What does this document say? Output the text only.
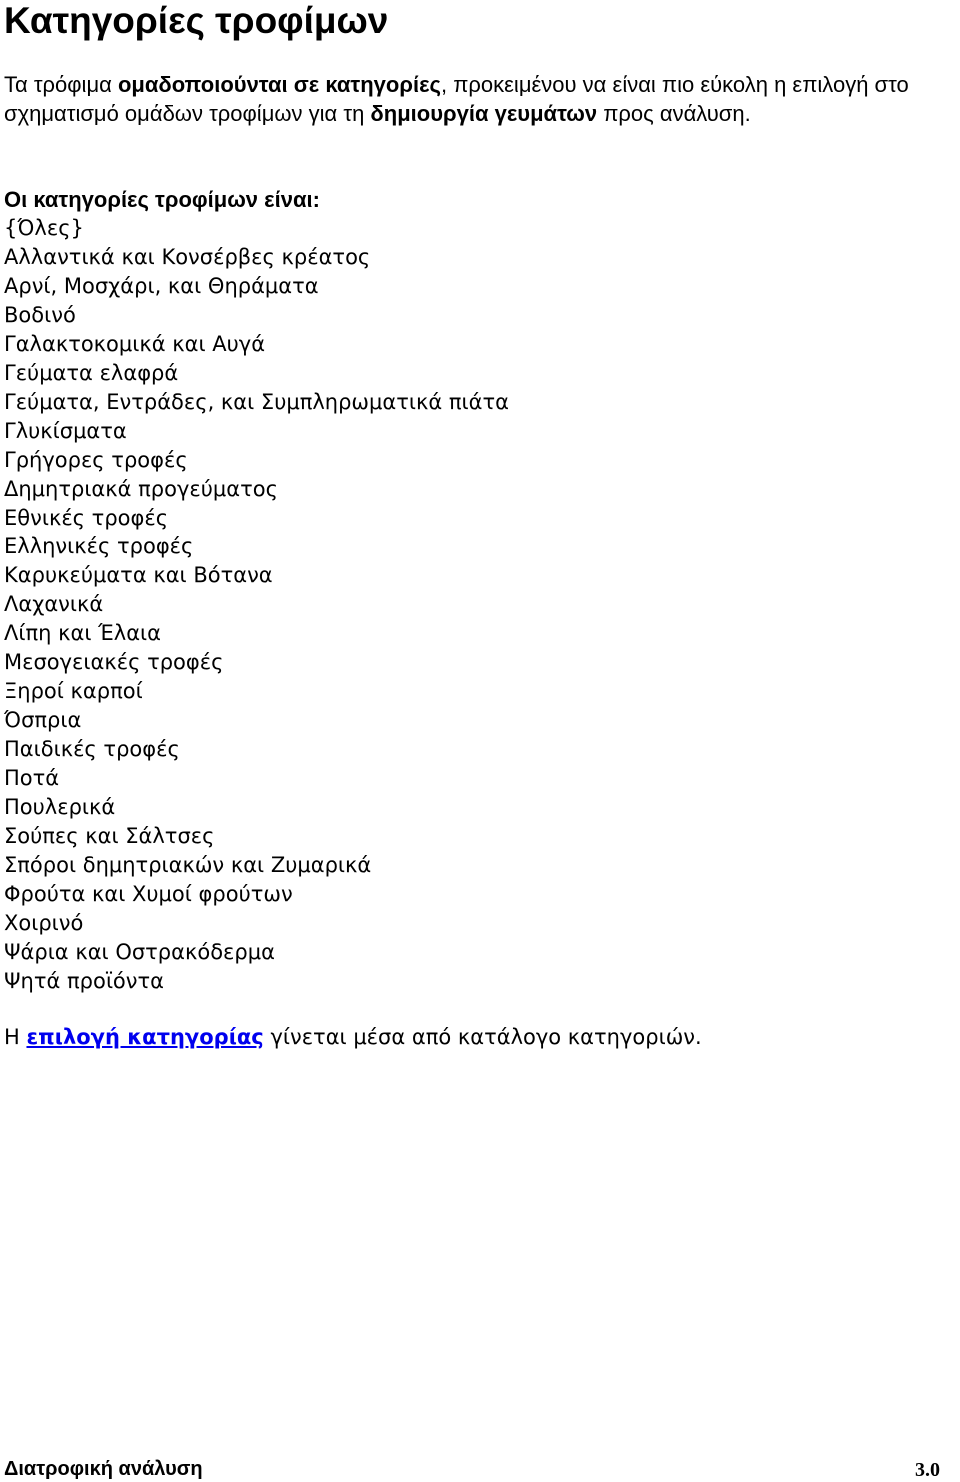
Κατηγορίες τροφίμων

Τα τρόφιμα ομαδοποιούνται σε κατηγορίες, προκειμένου να είναι πιο εύκολη η επιλογή στο σχηματισμό ομάδων τροφίμων για τη δημιουργία γευμάτων προς ανάλυση.

Οι κατηγορίες τροφίμων είναι:

{Όλες}
Αλλαντικά και Κονσέρβες κρέατος
Αρνί, Μοσχάρι, και Θηράματα
Βοδινό
Γαλακτοκομικά και Αυγά
Γεύματα ελαφρά
Γεύματα, Εντράδες, και Συμπληρωματικά πιάτα
Γλυκίσματα
Γρήγορες τροφές
Δημητριακά προγεύματος
Εθνικές τροφές
Ελληνικές τροφές
Καρυκεύματα και Βότανα
Λαχανικά
Λίπη και Έλαια
Μεσογειακές τροφές
Ξηροί καρποί
Όσπρια
Παιδικές τροφές
Ποτά
Πουλερικά
Σούπες και Σάλτσες
Σπόροι δημητριακών και Ζυμαρικά
Φρούτα και Χυμοί φρούτων
Χοιρινό
Ψάρια και Οστρακόδερμα
Ψητά προϊόντα

Η επιλογή κατηγορίας γίνεται μέσα από κατάλογο κατηγοριών.

Διατροφική ανάλυση	3.0
